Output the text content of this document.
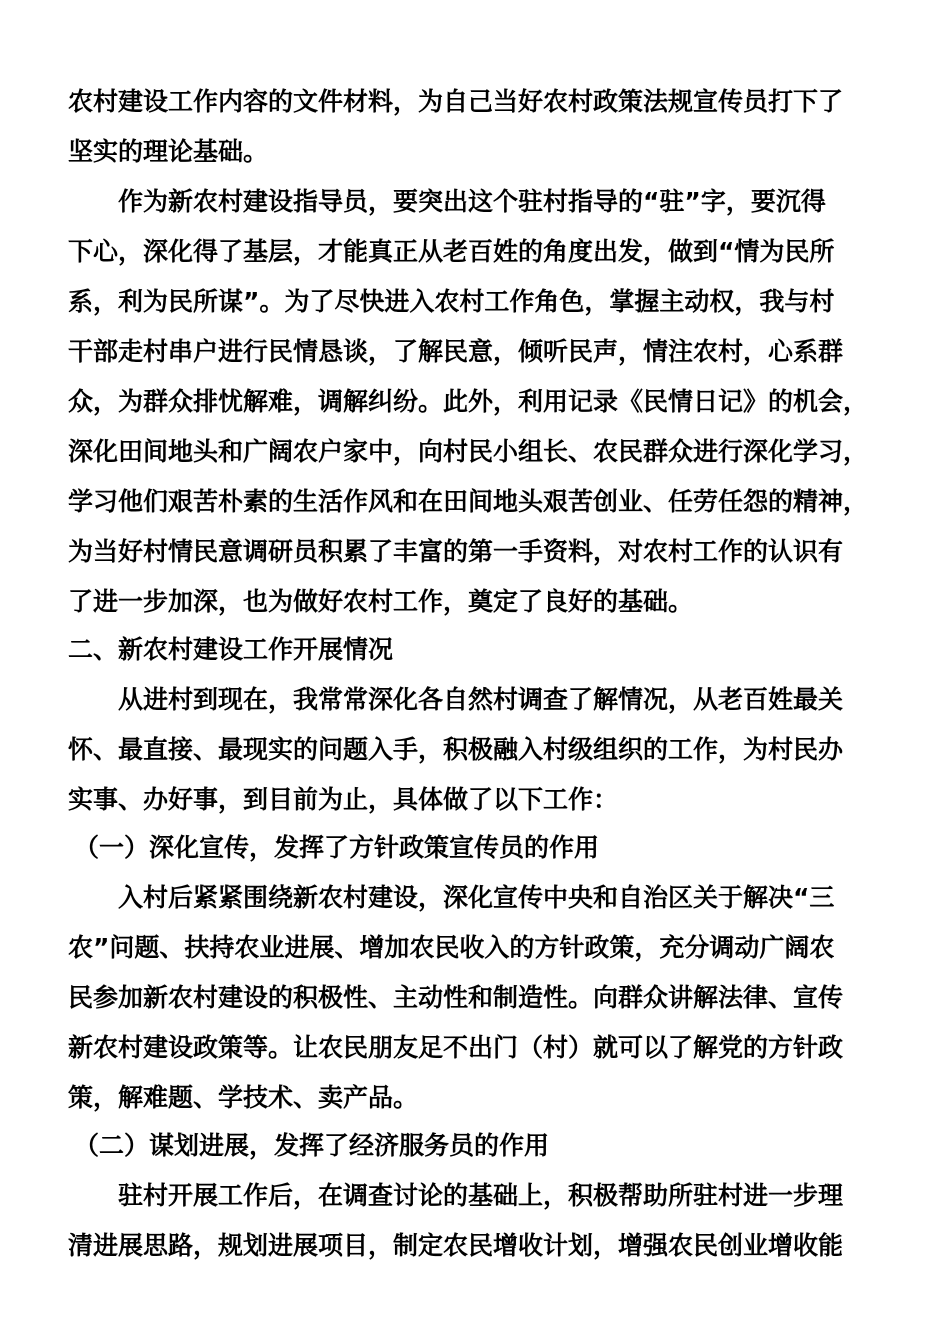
农村建设工作内容的文件材料，为自己当好农村政策法规宣传员打下了
坚实的理论基础。
作为新农村建设指导员，要突出这个驻村指导的“驻”字，要沉得
下心，深化得了基层，才能真正从老百姓的角度出发，做到“情为民所
系，利为民所谋”。为了尽快进入农村工作角色，掌握主动权，我与村
干部走村串户进行民情恳谈，了解民意，倾听民声，情注农村，心系群
众，为群众排忧解难，调解纠纷。此外，利用记录《民情日记》的机会，
深化田间地头和广阔农户家中，向村民小组长、农民群众进行深化学习，
学习他们艰苦朴素的生活作风和在田间地头艰苦创业、任劳任怨的精神，
为当好村情民意调研员积累了丰富的第一手资料，对农村工作的认识有
了进一步加深，也为做好农村工作，奠定了良好的基础。
二、新农村建设工作开展情况
从进村到现在，我常常深化各自然村调查了解情况，从老百姓最关
怀、最直接、最现实的问题入手，积极融入村级组织的工作，为村民办
实事、办好事，到目前为止，具体做了以下工作：
（一）深化宣传，发挥了方针政策宣传员的作用
入村后紧紧围绕新农村建设，深化宣传中央和自治区关于解决“三
农”问题、扶持农业进展、增加农民收入的方针政策，充分调动广阔农
民参加新农村建设的积极性、主动性和制造性。向群众讲解法律、宣传
新农村建设政策等。让农民朋友足不出门（村）就可以了解党的方针政
策，解难题、学技术、卖产品。
（二）谋划进展，发挥了经济服务员的作用
驻村开展工作后，在调查讨论的基础上，积极帮助所驻村进一步理
清进展思路，规划进展项目，制定农民增收计划，增强农民创业增收能
